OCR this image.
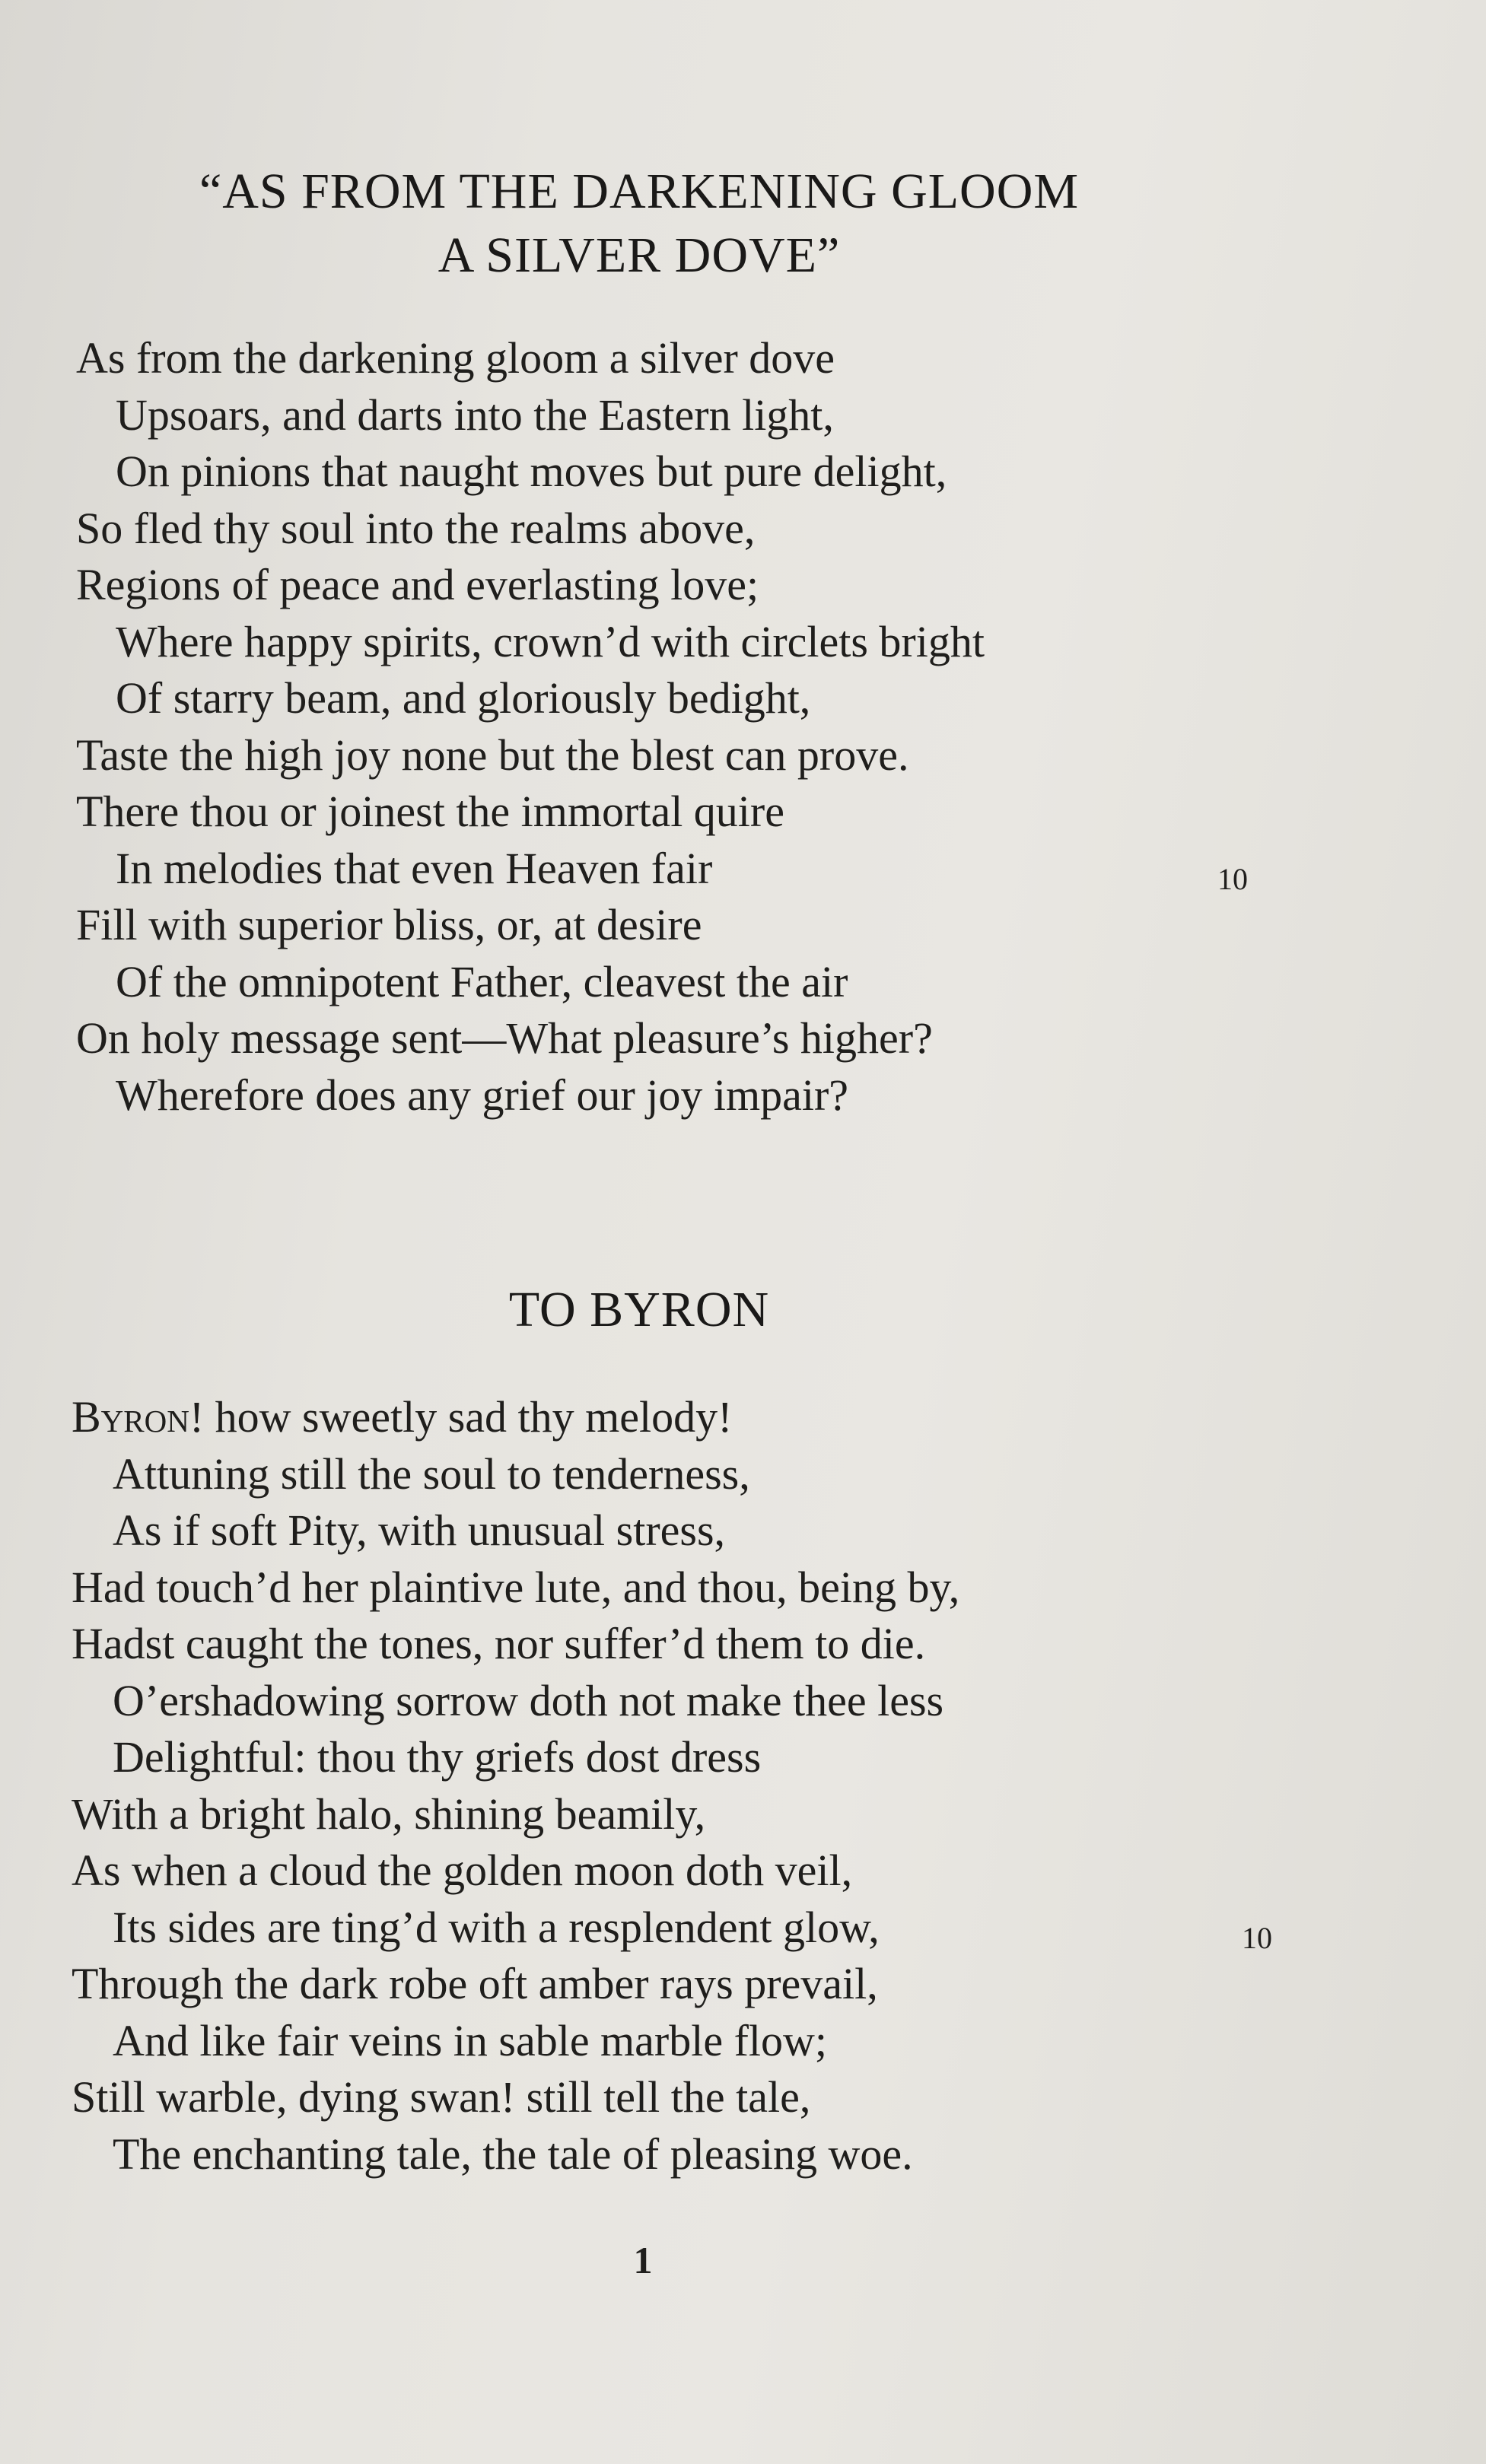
“AS FROM THE DARKENING GLOOM
A SILVER DOVE”
As from the darkening gloom a silver dove
Upsoars, and darts into the Eastern light,
On pinions that naught moves but pure delight,
So fled thy soul into the realms above,
Regions of peace and everlasting love;
Where happy spirits, crown’d with circlets bright
Of starry beam, and gloriously bedight,
Taste the high joy none but the blest can prove.
There thou or joinest the immortal quire
In melodies that even Heaven fair	10
Fill with superior bliss, or, at desire
Of the omnipotent Father, cleavest the air
On holy message sent—What pleasure’s higher?
Wherefore does any grief our joy impair?
TO BYRON
Byron! how sweetly sad thy melody!
Attuning still the soul to tenderness,
As if soft Pity, with unusual stress,
Had touch’d her plaintive lute, and thou, being by,
Hadst caught the tones, nor suffer’d them to die.
O’ershadowing sorrow doth not make thee less
Delightful: thou thy griefs dost dress
With a bright halo, shining beamily,
As when a cloud the golden moon doth veil,
Its sides are ting’d with a resplendent glow,	10
Through the dark robe oft amber rays prevail,
And like fair veins in sable marble flow;
Still warble, dying swan! still tell the tale,
The enchanting tale, the tale of pleasing woe.
1
